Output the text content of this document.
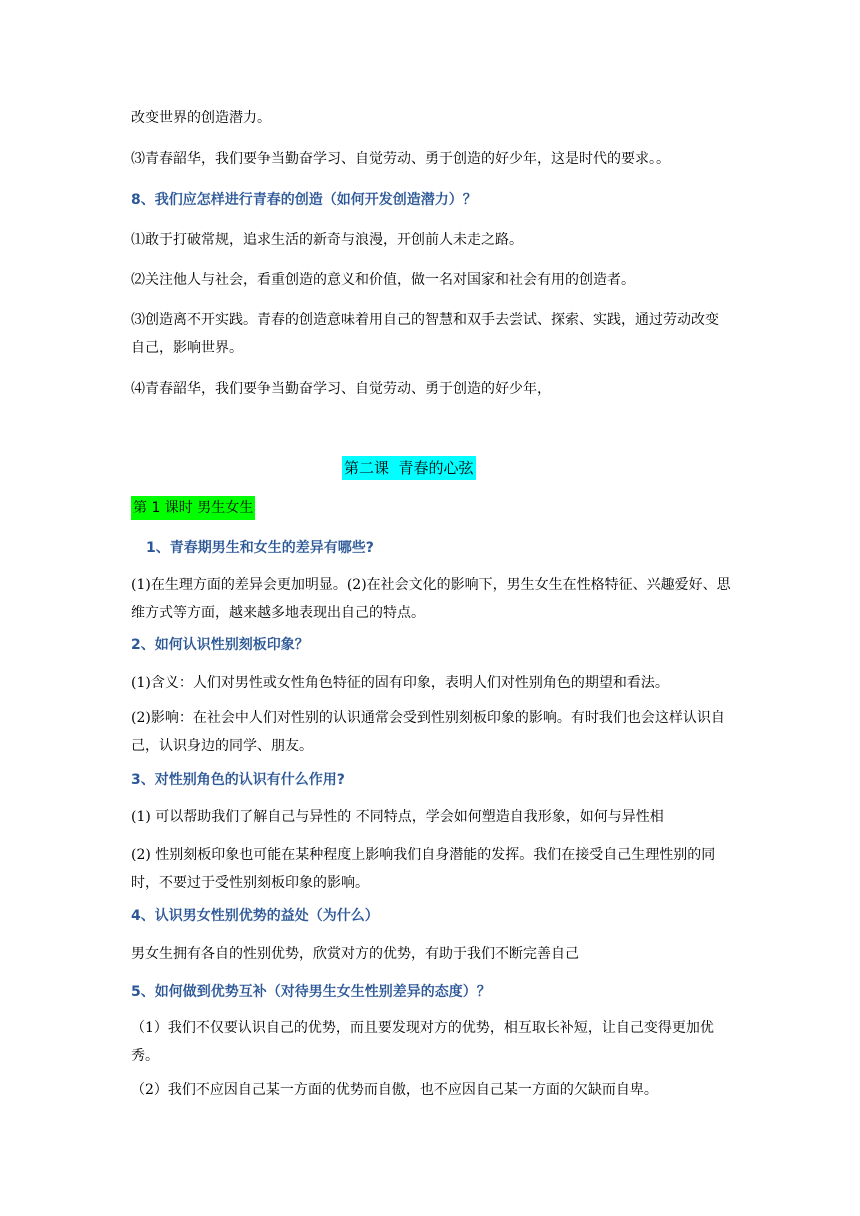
改变世界的创造潜力。

⑶青春韶华，我们要争当勤奋学习、自觉劳动、勇于创造的好少年，这是时代的要求。。

8、我们应怎样进行青春的创造（如何开发创造潜力）？

⑴敢于打破常规，追求生活的新奇与浪漫，开创前人未走之路。

⑵关注他人与社会，看重创造的意义和价值，做一名对国家和社会有用的创造者。

⑶创造离不开实践。青春的创造意味着用自己的智慧和双手去尝试、探索、实践，通过劳动改变自己，影响世界。

⑷青春韶华，我们要争当勤奋学习、自觉劳动、勇于创造的好少年，

第二课  青春的心弦
第 1 课时 男生女生

1、青春期男生和女生的差异有哪些?

(1)在生理方面的差异会更加明显。(2)在社会文化的影响下，男生女生在性格特征、兴趣爱好、思维方式等方面，越来越多地表现出自己的特点。

2、如何认识性别刻板印象？

(1)含义：人们对男性或女性角色特征的固有印象，表明人们对性别角色的期望和看法。

(2)影响：在社会中人们对性别的认识通常会受到性别刻板印象的影响。有时我们也会这样认识自己，认识身边的同学、朋友。

3、对性别角色的认识有什么作用?

(1) 可以帮助我们了解自己与异性的 不同特点，学会如何塑造自我形象，如何与异性相

(2) 性别刻板印象也可能在某种程度上影响我们自身潜能的发挥。我们在接受自己生理性别的同时，不要过于受性别刻板印象的影响。

4、认识男女性别优势的益处（为什么）

男女生拥有各自的性别优势，欣赏对方的优势，有助于我们不断完善自己

5、如何做到优势互补（对待男生女生性别差异的态度）？

（1）我们不仅要认识自己的优势，而且要发现对方的优势，相互取长补短，让自己变得更加优秀。

（2）我们不应因自己某一方面的优势而自傲，也不应因自己某一方面的欠缺而自卑。
